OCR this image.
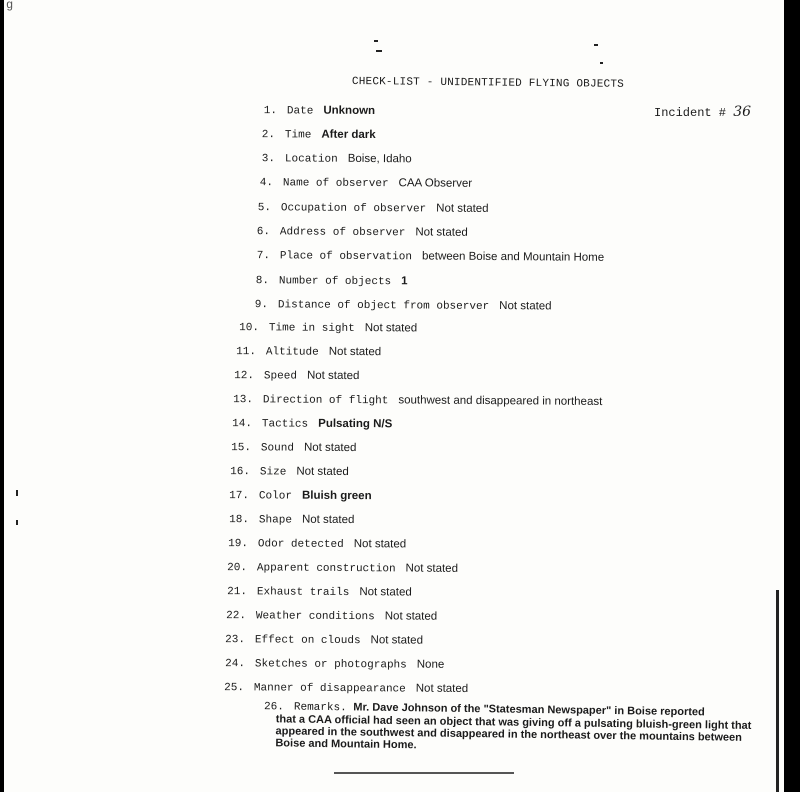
ɡ
CHECK-LIST - UNIDENTIFIED FLYING OBJECTS
Incident # 36
1. Date Unknown
2. Time After dark
3. Location Boise, Idaho
4. Name of observer CAA Observer
5. Occupation of observer Not stated
6. Address of observer Not stated
7. Place of observation between Boise and Mountain Home
8. Number of objects 1
9. Distance of object from observer Not stated
10. Time in sight Not stated
11. Altitude Not stated
12. Speed Not stated
13. Direction of flight southwest and disappeared in northeast
14. Tactics Pulsating N/S
15. Sound Not stated
16. Size Not stated
17. Color Bluish green
18. Shape Not stated
19. Odor detected Not stated
20. Apparent construction Not stated
21. Exhaust trails Not stated
22. Weather conditions Not stated
23. Effect on clouds Not stated
24. Sketches or photographs None
25. Manner of disappearance Not stated
26. Remarks. Mr. Dave Johnson of the "Statesman Newspaper" in Boise reported
that a CAA official had seen an object that was giving off a pulsating bluish-green light that appeared in the southwest and disappeared in the northeast over the mountains between Boise and Mountain Home.
